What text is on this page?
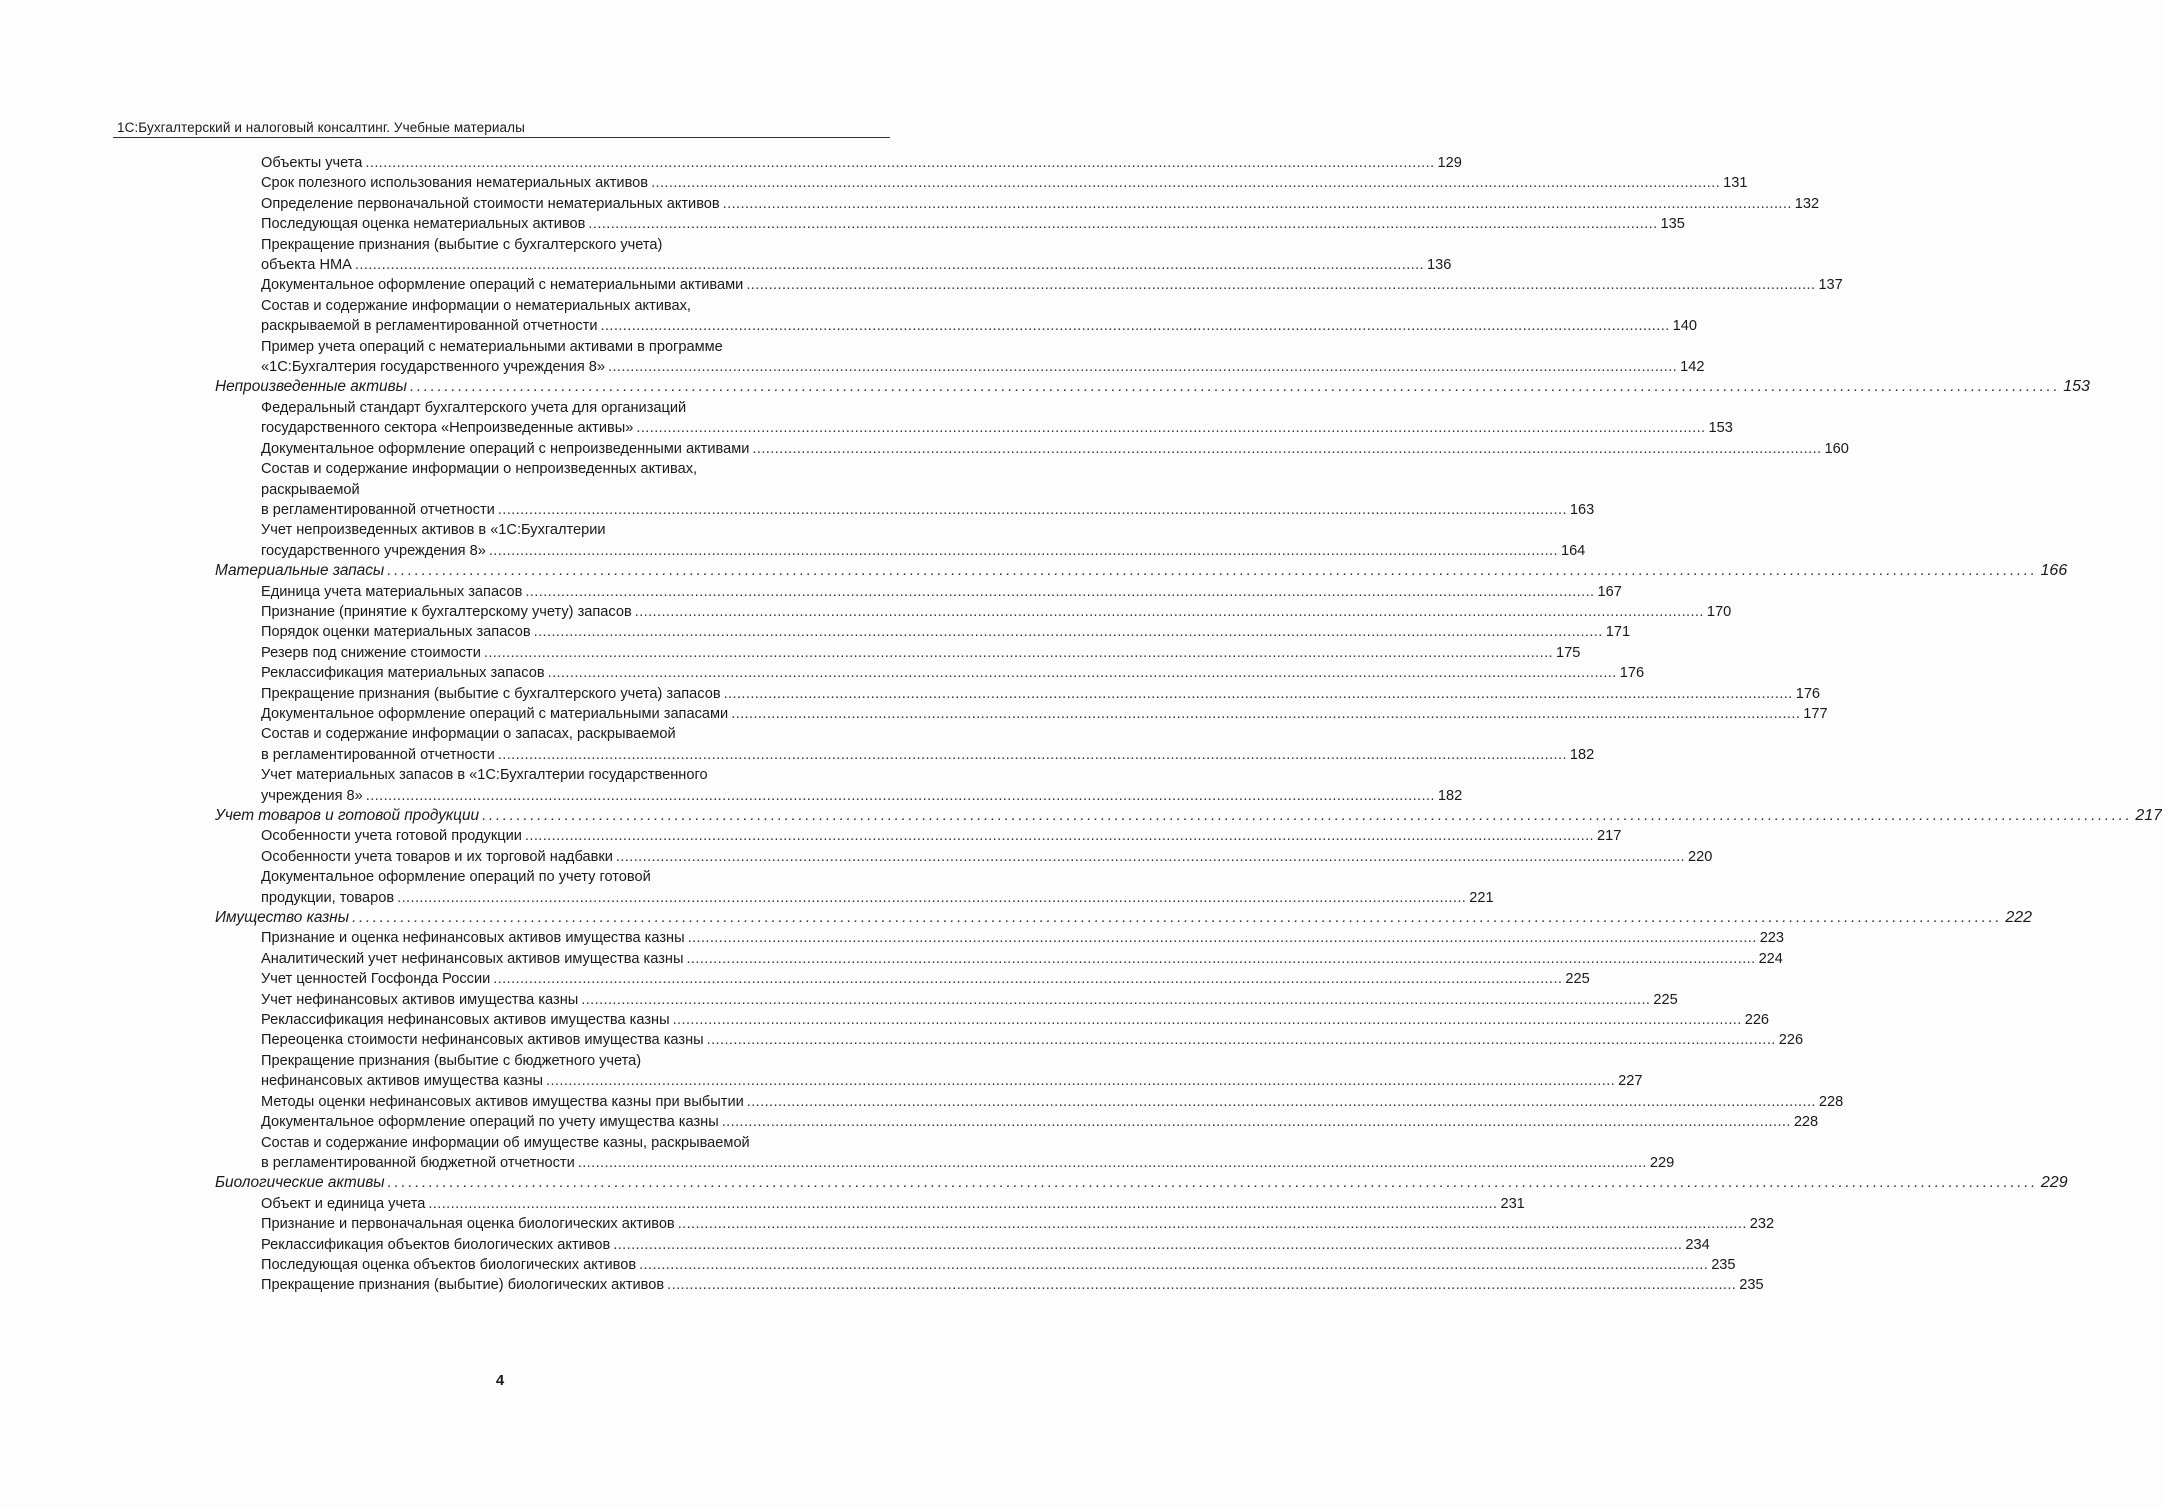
1С:Бухгалтерский и налоговый консалтинг. Учебные материалы
Объекты учета ................................................................................................................................................................................................................................................ 129
Срок полезного использования нематериальных активов ................................................................................................................................................................................................................................................ 131
Определение первоначальной стоимости нематериальных активов ................................................................................................................................................................................................................................................ 132
Последующая оценка нематериальных активов ................................................................................................................................................................................................................................................ 135
Прекращение признания (выбытие с бухгалтерского учета)
объекта НМА ................................................................................................................................................................................................................................................ 136
Документальное оформление операций с нематериальными активами ................................................................................................................................................................................................................................................ 137
Состав и содержание информации о нематериальных активах,
раскрываемой в регламентированной отчетности ................................................................................................................................................................................................................................................ 140
Пример учета операций с нематериальными активами в программе
«1С:Бухгалтерия государственного учреждения 8» ................................................................................................................................................................................................................................................ 142
Непроизведенные активы ................................................................................................................................................................................................................................................ 153
Федеральный стандарт бухгалтерского учета для организаций
государственного сектора «Непроизведенные активы» ................................................................................................................................................................................................................................................ 153
Документальное оформление операций с непроизведенными активами ................................................................................................................................................................................................................................................ 160
Состав и содержание информации о непроизведенных активах,
раскрываемой
в регламентированной отчетности ................................................................................................................................................................................................................................................ 163
Учет непроизведенных активов в «1С:Бухгалтерии
государственного учреждения 8» ................................................................................................................................................................................................................................................ 164
Материальные запасы ................................................................................................................................................................................................................................................ 166
Единица учета материальных запасов ................................................................................................................................................................................................................................................ 167
Признание (принятие к бухгалтерскому учету) запасов ................................................................................................................................................................................................................................................ 170
Порядок оценки материальных запасов ................................................................................................................................................................................................................................................ 171
Резерв под снижение стоимости ................................................................................................................................................................................................................................................ 175
Реклассификация материальных запасов ................................................................................................................................................................................................................................................ 176
Прекращение признания (выбытие с бухгалтерского учета) запасов ................................................................................................................................................................................................................................................ 176
Документальное оформление операций с материальными запасами ................................................................................................................................................................................................................................................ 177
Состав и содержание информации о запасах, раскрываемой
в регламентированной отчетности ................................................................................................................................................................................................................................................ 182
Учет материальных запасов в «1С:Бухгалтерии государственного
учреждения 8» ................................................................................................................................................................................................................................................ 182
Учет товаров и готовой продукции ................................................................................................................................................................................................................................................ 217
Особенности учета готовой продукции ................................................................................................................................................................................................................................................ 217
Особенности учета товаров и их торговой надбавки ................................................................................................................................................................................................................................................ 220
Документальное оформление операций по учету готовой
продукции, товаров ................................................................................................................................................................................................................................................ 221
Имущество казны ................................................................................................................................................................................................................................................ 222
Признание и оценка нефинансовых активов имущества казны ................................................................................................................................................................................................................................................ 223
Аналитический учет нефинансовых активов имущества казны ................................................................................................................................................................................................................................................ 224
Учет ценностей Госфонда России ................................................................................................................................................................................................................................................ 225
Учет нефинансовых активов имущества казны ................................................................................................................................................................................................................................................ 225
Реклассификация нефинансовых активов имущества казны ................................................................................................................................................................................................................................................ 226
Переоценка стоимости нефинансовых активов имущества казны ................................................................................................................................................................................................................................................ 226
Прекращение признания (выбытие с бюджетного учета)
нефинансовых активов имущества казны ................................................................................................................................................................................................................................................ 227
Методы оценки нефинансовых активов имущества казны при выбытии ................................................................................................................................................................................................................................................ 228
Документальное оформление операций по учету имущества казны ................................................................................................................................................................................................................................................ 228
Состав и содержание информации об имуществе казны, раскрываемой
в регламентированной бюджетной отчетности ................................................................................................................................................................................................................................................ 229
Биологические активы ................................................................................................................................................................................................................................................ 229
Объект и единица учета ................................................................................................................................................................................................................................................ 231
Признание и первоначальная оценка биологических активов ................................................................................................................................................................................................................................................ 232
Реклассификация объектов биологических активов ................................................................................................................................................................................................................................................ 234
Последующая оценка объектов биологических активов ................................................................................................................................................................................................................................................ 235
Прекращение признания (выбытие) биологических активов ................................................................................................................................................................................................................................................ 235
4
